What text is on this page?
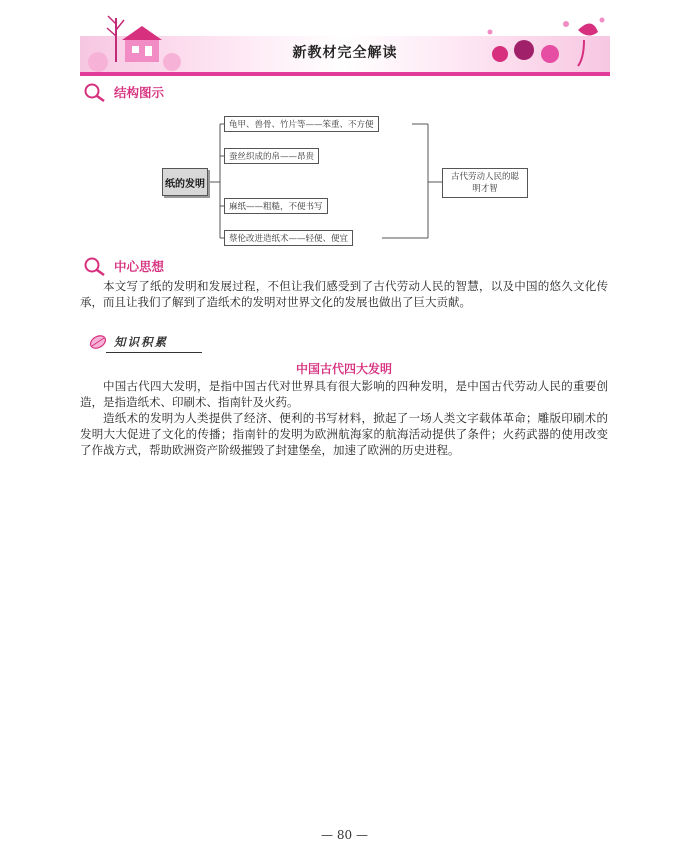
新教材完全解读
结构图示
纸的发明
龟甲、兽骨、竹片等——笨重、不方便
蚕丝织成的帛——昂贵
麻纸——粗糙，不便书写
蔡伦改进造纸术——轻便、便宜
古代劳动人民的聪明才智
中心思想

本文写了纸的发明和发展过程，不但让我们感受到了古代劳动人民的智慧，以及中国的悠久文化传承，而且让我们了解到了造纸术的发明对世界文化的发展也做出了巨大贡献。

知识积累
中国古代四大发明

中国古代四大发明，是指中国古代对世界具有很大影响的四种发明，是中国古代劳动人民的重要创造，是指造纸术、印刷术、指南针及火药。

造纸术的发明为人类提供了经济、便利的书写材料，掀起了一场人类文字载体革命；雕版印刷术的发明大大促进了文化的传播；指南针的发明为欧洲航海家的航海活动提供了条件；火药武器的使用改变了作战方式，帮助欧洲资产阶级摧毁了封建堡垒，加速了欧洲的历史进程。

— 80 —
